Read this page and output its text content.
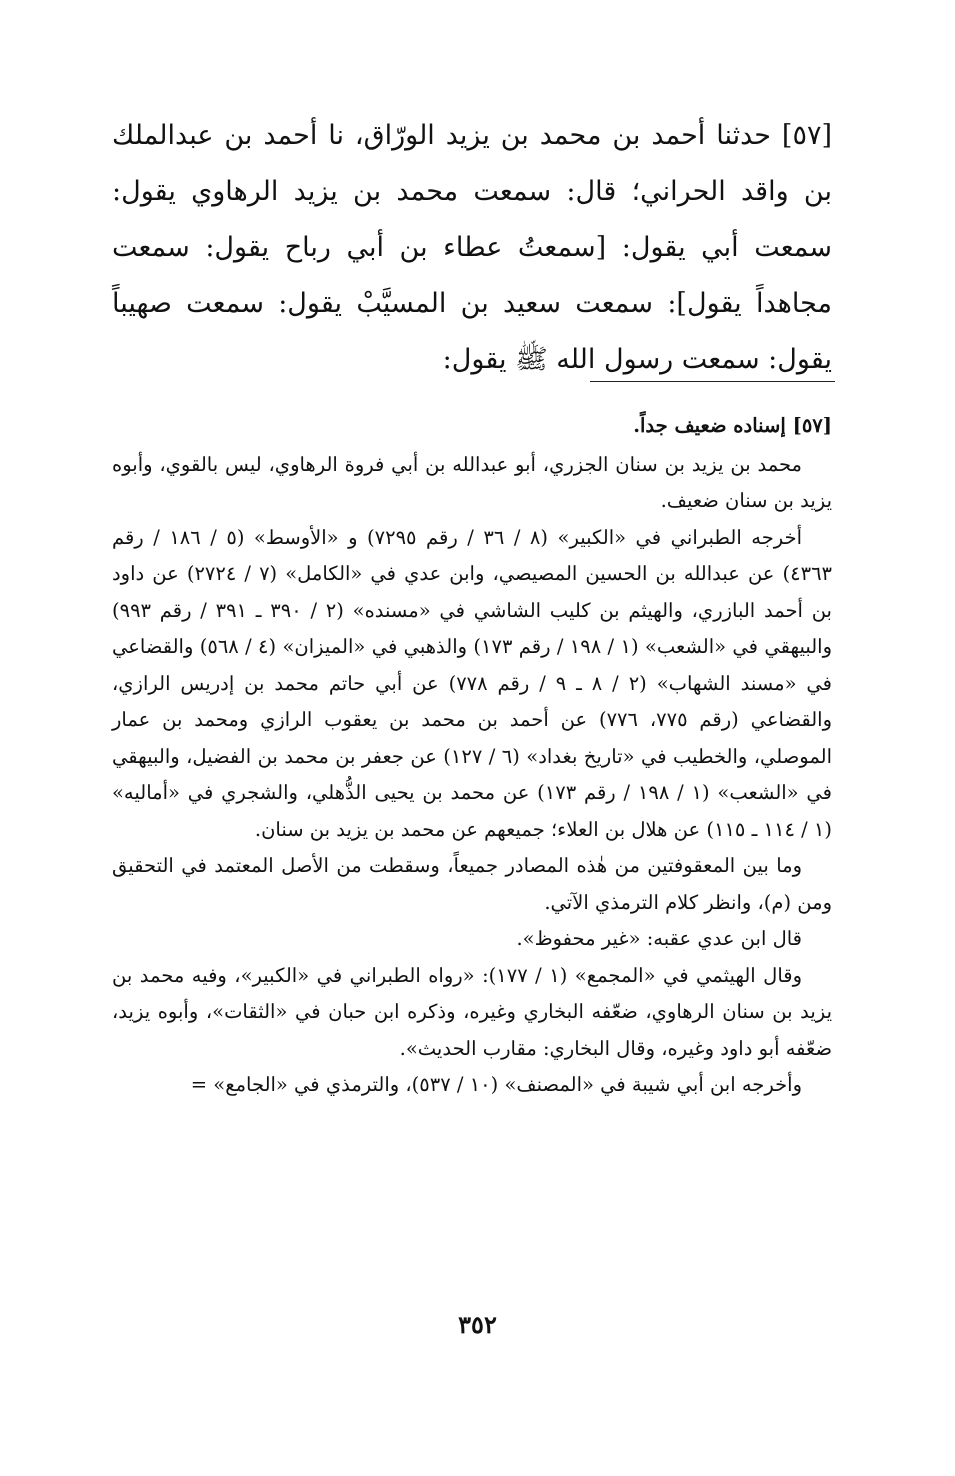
[٥٧] حدثنا أحمد بن محمد بن يزيد الورّاق، نا أحمد بن عبدالملك بن واقد الحراني؛ قال: سمعت محمد بن يزيد الرهاوي يقول: سمعت أبي يقول: [سمعتُ عطاء بن أبي رباح يقول: سمعت مجاهداً يقول]: سمعت سعيد بن المسيَّبْ يقول: سمعت صهيباً يقول: سمعت رسول الله ﷺ يقول:

[٥٧] إسناده ضعيف جداً.

محمد بن يزيد بن سنان الجزري، أبو عبدالله بن أبي فروة الرهاوي، ليس بالقوي، وأبوه يزيد بن سنان ضعيف.

أخرجه الطبراني في «الكبير» (٨ / ٣٦ / رقم ٧٢٩٥) و «الأوسط» (٥ / ١٨٦ / رقم ٤٣٦٣) عن عبدالله بن الحسين المصيصي، وابن عدي في «الكامل» (٧ / ٢٧٢٤) عن داود بن أحمد البازري، والهيثم بن كليب الشاشي في «مسنده» (٢ / ٣٩٠ ـ ٣٩١ / رقم ٩٩٣) والبيهقي في «الشعب» (١ / ١٩٨ / رقم ١٧٣) والذهبي في «الميزان» (٤ / ٥٦٨) والقضاعي في «مسند الشهاب» (٢ / ٨ ـ ٩ / رقم ٧٧٨) عن أبي حاتم محمد بن إدريس الرازي، والقضاعي (رقم ٧٧٥، ٧٧٦) عن أحمد بن محمد بن يعقوب الرازي ومحمد بن عمار الموصلي، والخطيب في «تاريخ بغداد» (٦ / ١٢٧) عن جعفر بن محمد بن الفضيل، والبيهقي في «الشعب» (١ / ١٩٨ / رقم ١٧٣) عن محمد بن يحيى الذُّهلي، والشجري في «أماليه» (١ / ١١٤ ـ ١١٥) عن هلال بن العلاء؛ جميعهم عن محمد بن يزيد بن سنان.

وما بين المعقوفتين من هٰذه المصادر جميعاً، وسقطت من الأصل المعتمد في التحقيق ومن (م)، وانظر كلام الترمذي الآتي.

قال ابن عدي عقبه: «غير محفوظ».

وقال الهيثمي في «المجمع» (١ / ١٧٧): «رواه الطبراني في «الكبير»، وفيه محمد بن يزيد بن سنان الرهاوي، ضعّفه البخاري وغيره، وذكره ابن حبان في «الثقات»، وأبوه يزيد، ضعّفه أبو داود وغيره، وقال البخاري: مقارب الحديث».

وأخرجه ابن أبي شيبة في «المصنف» (١٠ / ٥٣٧)، والترمذي في «الجامع» =

٣٥٢
